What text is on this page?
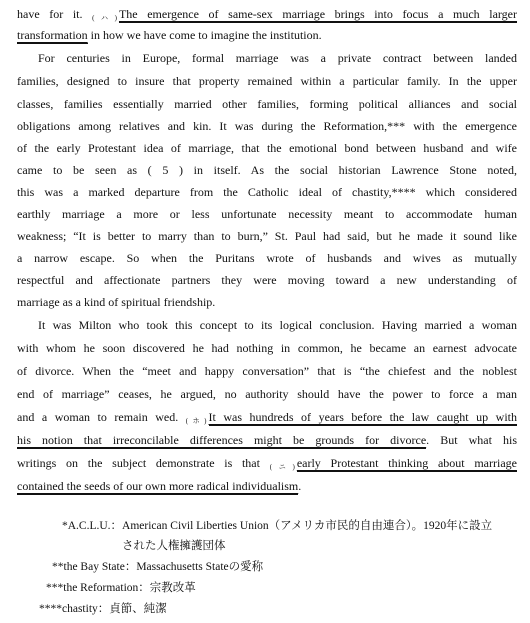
have for it. (ハ) The emergence of same-sex marriage brings into focus a much larger
transformation in how we have come to imagine the institution.
For centuries in Europe, formal marriage was a private contract between landed
families, designed to insure that property remained within a particular family. In the upper
classes, families essentially married other families, forming political alliances and social
obligations among relatives and kin. It was during the Reformation,*** with the emergence
of the early Protestant idea of marriage, that the emotional bond between husband and wife
came to be seen as ( 5 ) in itself. As the social historian Lawrence Stone noted,
this was a marked departure from the Catholic ideal of chastity,**** which considered
earthly marriage a more or less unfortunate necessity meant to accommodate human
weakness; “It is better to marry than to burn,” St. Paul had said, but he made it sound like
a narrow escape. So when the Puritans wrote of husbands and wives as mutually
respectful and affectionate partners they were moving toward a new understanding of
marriage as a kind of spiritual friendship.
It was Milton who took this concept to its logical conclusion. Having married a woman
with whom he soon discovered he had nothing in common, he became an earnest advocate
of divorce. When the “meet and happy conversation” that is “the chiefest and the noblest
end of marriage” ceases, he argued, no authority should have the power to force a man
and a woman to remain wed. (ホ) It was hundreds of years before the law caught up with
his notion that irreconcilable differences might be grounds for divorce. But what his
writings on the subject demonstrate is that (ニ) early Protestant thinking about marriage
contained the seeds of our own more radical individualism.
*A.C.L.U.：American Civil Liberties Union（アメリカ市民的自由連合）。1920年に設立
された人権擁護団体
**the Bay State：Massachusetts Stateの愛称
***the Reformation：宗教改革
****chastity：貞節、純潔
